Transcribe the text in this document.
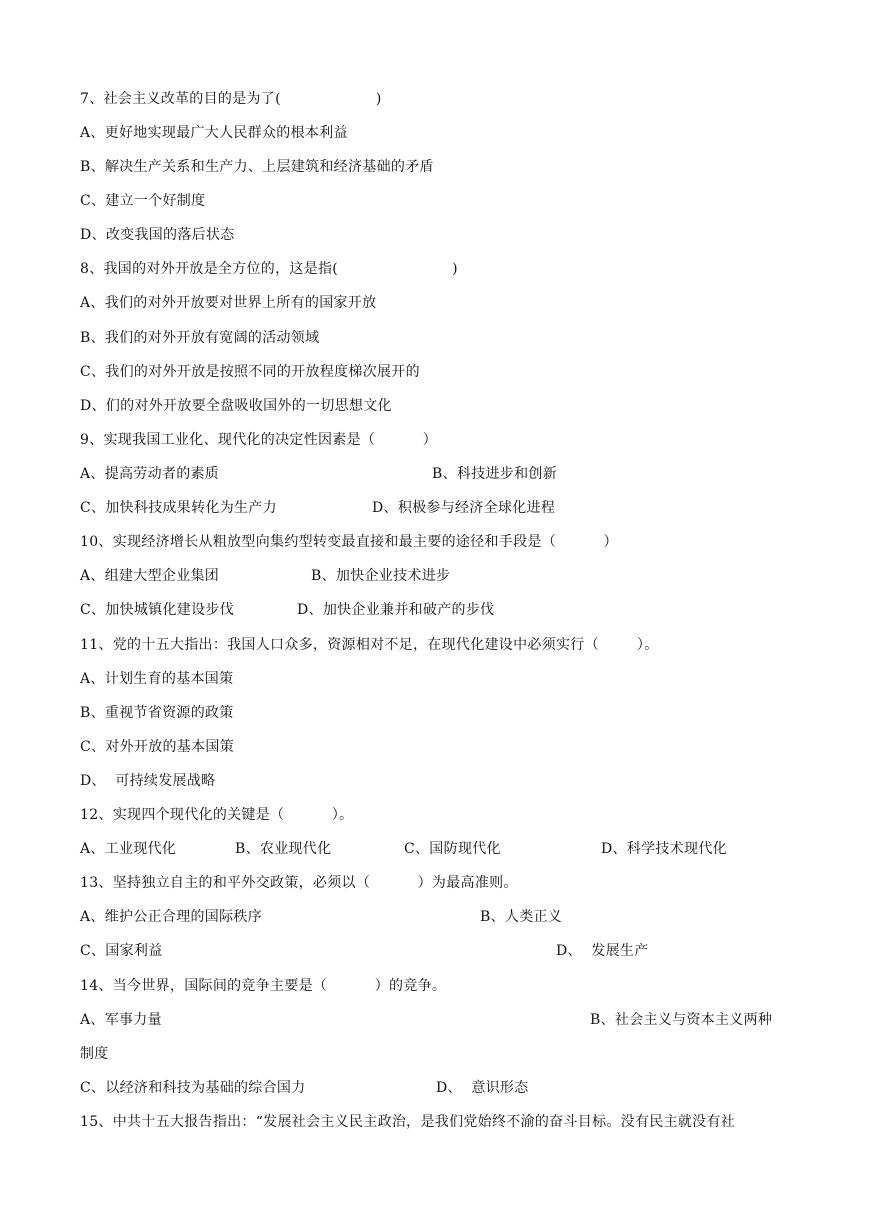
7、社会主义改革的目的是为了(                    )
A、更好地实现最广大人民群众的根本利益
B、解决生产关系和生产力、上层建筑和经济基础的矛盾
C、建立一个好制度
D、改变我国的落后状态
8、我国的对外开放是全方位的，这是指(                        )
A、我们的对外开放要对世界上所有的国家开放
B、我们的对外开放有宽阔的活动领域
C、我们的对外开放是按照不同的开放程度梯次展开的
D、们的对外开放要全盘吸收国外的一切思想文化
9、实现我国工业化、现代化的决定性因素是（          ）
A、提高劳动者的素质	B、科技进步和创新
C、加快科技成果转化为生产力	D、积极参与经济全球化进程
10、实现经济增长从粗放型向集约型转变最直接和最主要的途径和手段是（          ）
A、组建大型企业集团	B、加快企业技术进步
C、加快城镇化建设步伐	D、加快企业兼并和破产的步伐
11、党的十五大指出：我国人口众多，资源相对不足，在现代化建设中必须实行（        ）。
A、计划生育的基本国策
B、重视节省资源的政策
C、对外开放的基本国策
D、  可持续发展战略
12、实现四个现代化的关键是（          ）。
A、工业现代化	B、农业现代化	C、国防现代化	D、科学技术现代化
13、坚持独立自主的和平外交政策，必须以（          ）为最高准则。
A、维护公正合理的国际秩序	B、人类正义
C、国家利益	D、  发展生产
14、当今世界，国际间的竞争主要是（          ）的竞争。
A、军事力量	B、社会主义与资本主义两种
制度
C、以经济和科技为基础的综合国力	D、  意识形态
15、中共十五大报告指出：“发展社会主义民主政治，是我们党始终不渝的奋斗目标。没有民主就没有社
